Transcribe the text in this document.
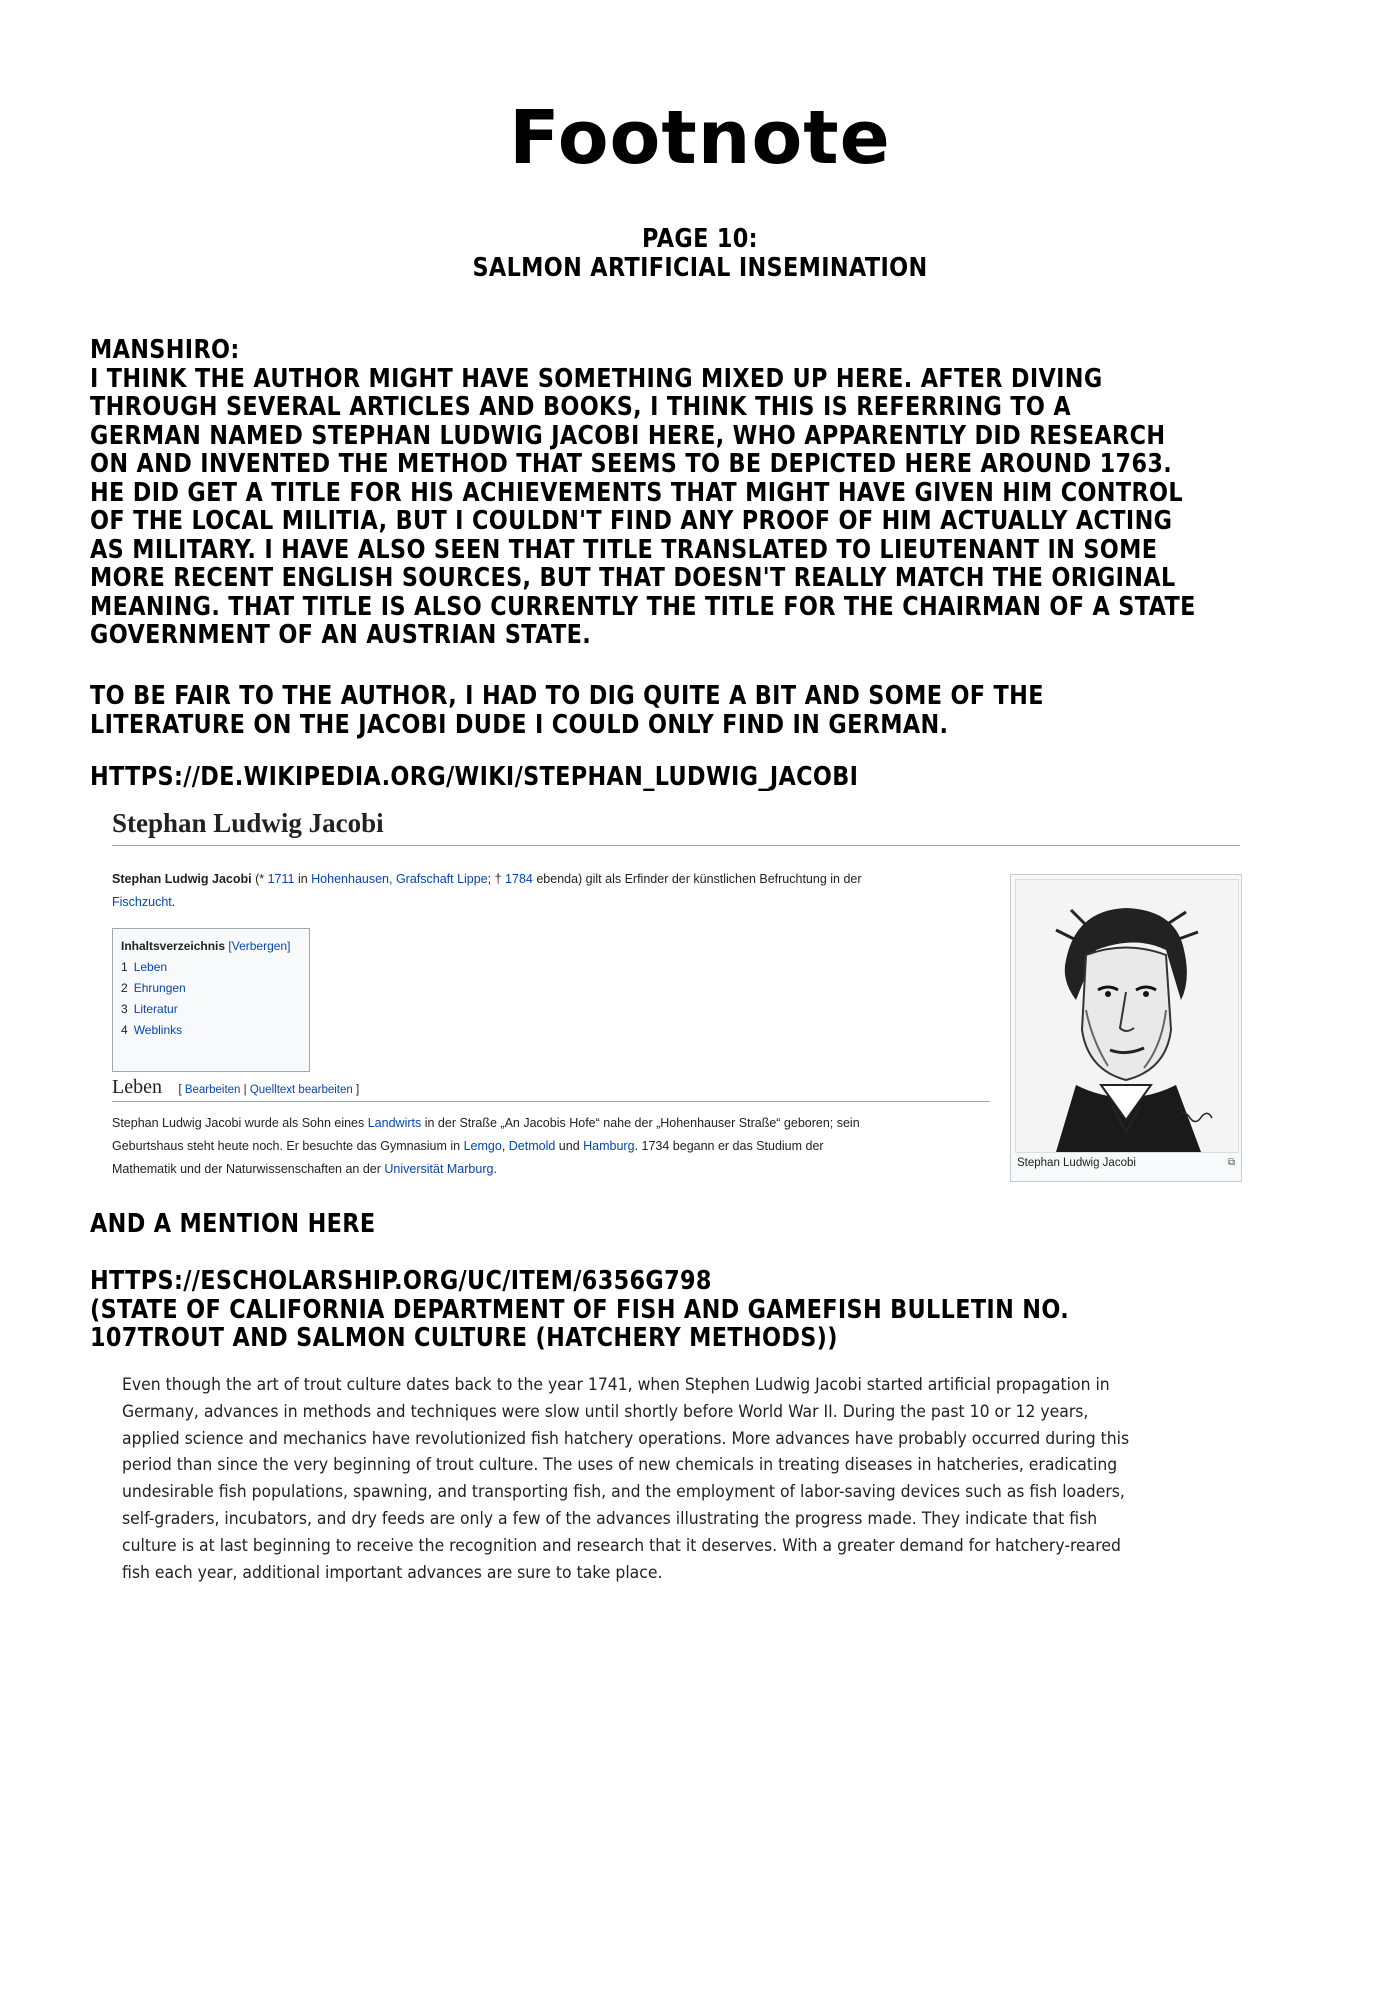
Footnote
PAGE 10:
SALMON ARTIFICIAL INSEMINATION
MANSHIRO:
I THINK THE AUTHOR MIGHT HAVE SOMETHING MIXED UP HERE. AFTER DIVING
THROUGH SEVERAL ARTICLES AND BOOKS, I THINK THIS IS REFERRING TO A
GERMAN NAMED STEPHAN LUDWIG JACOBI HERE, WHO APPARENTLY DID RESEARCH
ON AND INVENTED THE METHOD THAT SEEMS TO BE DEPICTED HERE AROUND 1763.
HE DID GET A TITLE FOR HIS ACHIEVEMENTS THAT MIGHT HAVE GIVEN HIM CONTROL
OF THE LOCAL MILITIA, BUT I COULDN'T FIND ANY PROOF OF HIM ACTUALLY ACTING
AS MILITARY. I HAVE ALSO SEEN THAT TITLE TRANSLATED TO LIEUTENANT IN SOME
MORE RECENT ENGLISH SOURCES, BUT THAT DOESN'T REALLY MATCH THE ORIGINAL
MEANING. THAT TITLE IS ALSO CURRENTLY THE TITLE FOR THE CHAIRMAN OF A STATE
GOVERNMENT OF AN AUSTRIAN STATE.
TO BE FAIR TO THE AUTHOR, I HAD TO DIG QUITE A BIT AND SOME OF THE
LITERATURE ON THE JACOBI DUDE I COULD ONLY FIND IN GERMAN.
HTTPS://DE.WIKIPEDIA.ORG/WIKI/STEPHAN_LUDWIG_JACOBI
Stephan Ludwig Jacobi
Stephan Ludwig Jacobi (* 1711 in Hohenhausen, Grafschaft Lippe; † 1784 ebenda) gilt als Erfinder der künstlichen Befruchtung in der
Fischzucht.
Inhaltsverzeichnis [Verbergen]
1 Leben
2 Ehrungen
3 Literatur
4 Weblinks
Leben [ Bearbeiten | Quelltext bearbeiten ]
Stephan Ludwig Jacobi wurde als Sohn eines Landwirts in der Straße „An Jacobis Hofe“ nahe der „Hohenhauser Straße“ geboren; sein
Geburtshaus steht heute noch. Er besuchte das Gymnasium in Lemgo, Detmold und Hamburg. 1734 begann er das Studium der
Mathematik und der Naturwissenschaften an der Universität Marburg.	Stephan Ludwig Jacobi	⧉
AND A MENTION HERE
HTTPS://ESCHOLARSHIP.ORG/UC/ITEM/6356G798
(STATE OF CALIFORNIA DEPARTMENT OF FISH AND GAMEFISH BULLETIN NO.
107TROUT AND SALMON CULTURE (HATCHERY METHODS))
Even though the art of trout culture dates back to the year 1741, when Stephen Ludwig Jacobi started artificial propagation in
Germany, advances in methods and techniques were slow until shortly before World War II. During the past 10 or 12 years,
applied science and mechanics have revolutionized fish hatchery operations. More advances have probably occurred during this
period than since the very beginning of trout culture. The uses of new chemicals in treating diseases in hatcheries, eradicating
undesirable fish populations, spawning, and transporting fish, and the employment of labor-saving devices such as fish loaders,
self-graders, incubators, and dry feeds are only a few of the advances illustrating the progress made. They indicate that fish
culture is at last beginning to receive the recognition and research that it deserves. With a greater demand for hatchery-reared
fish each year, additional important advances are sure to take place.
